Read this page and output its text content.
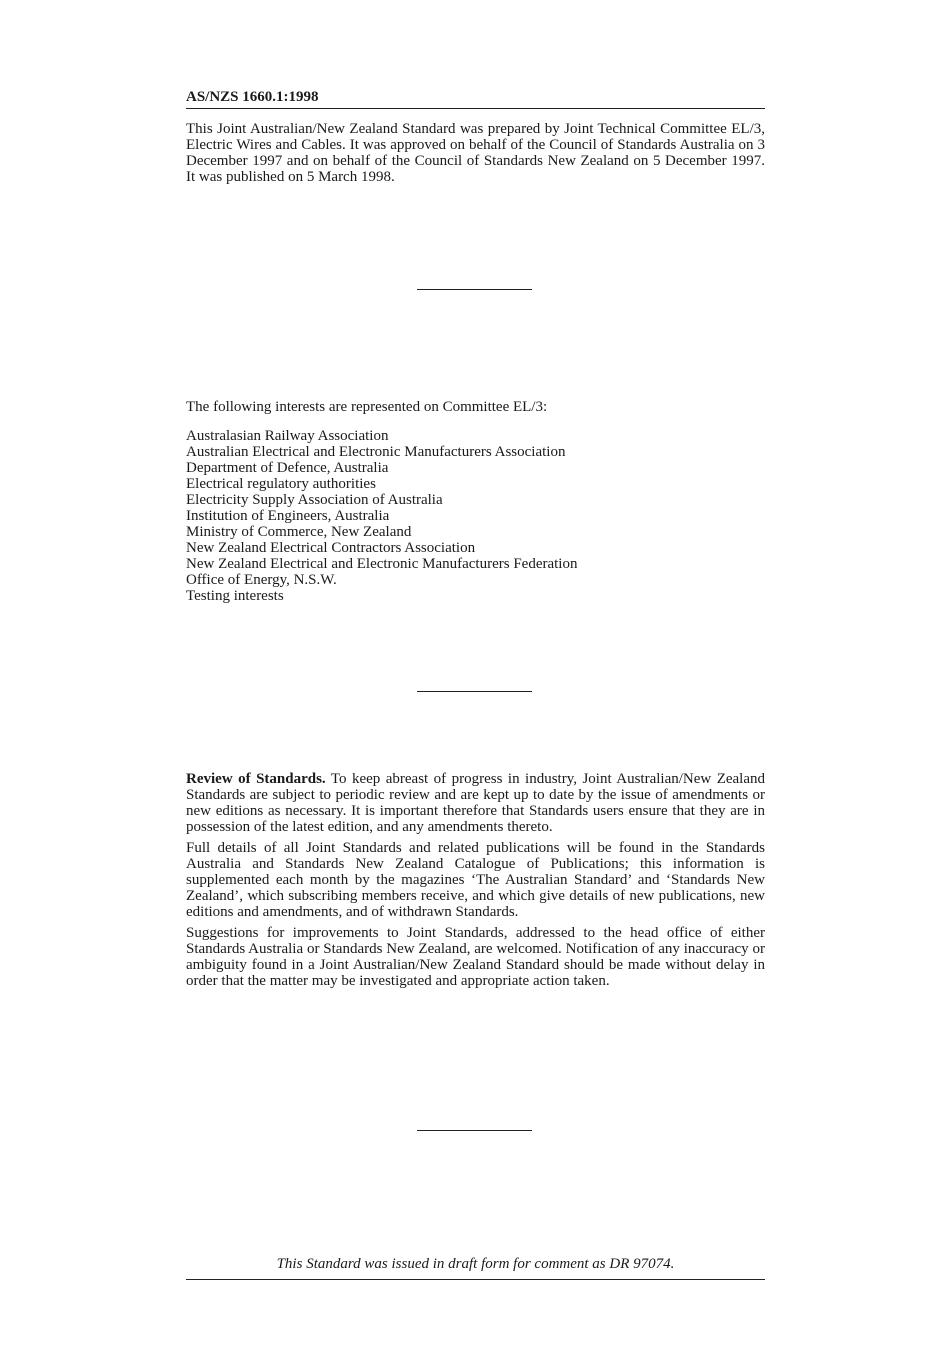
AS/NZS 1660.1:1998

This Joint Australian/New Zealand Standard was prepared by Joint Technical Committee EL/3, Electric Wires and Cables. It was approved on behalf of the Council of Standards Australia on 3 December 1997 and on behalf of the Council of Standards New Zealand on 5 December 1997. It was published on 5 March 1998.

The following interests are represented on Committee EL/3:

Australasian Railway Association
Australian Electrical and Electronic Manufacturers Association
Department of Defence, Australia
Electrical regulatory authorities
Electricity Supply Association of Australia
Institution of Engineers, Australia
Ministry of Commerce, New Zealand
New Zealand Electrical Contractors Association
New Zealand Electrical and Electronic Manufacturers Federation
Office of Energy, N.S.W.
Testing interests

Review of Standards. To keep abreast of progress in industry, Joint Australian/New Zealand Standards are subject to periodic review and are kept up to date by the issue of amendments or new editions as necessary. It is important therefore that Standards users ensure that they are in possession of the latest edition, and any amendments thereto.

Full details of all Joint Standards and related publications will be found in the Standards Australia and Standards New Zealand Catalogue of Publications; this information is supplemented each month by the magazines ‘The Australian Standard’ and ‘Standards New Zealand’, which subscribing members receive, and which give details of new publications, new editions and amendments, and of withdrawn Standards.

Suggestions for improvements to Joint Standards, addressed to the head office of either Standards Australia or Standards New Zealand, are welcomed. Notification of any inaccuracy or ambiguity found in a Joint Australian/New Zealand Standard should be made without delay in order that the matter may be investigated and appropriate action taken.

This Standard was issued in draft form for comment as DR 97074.
